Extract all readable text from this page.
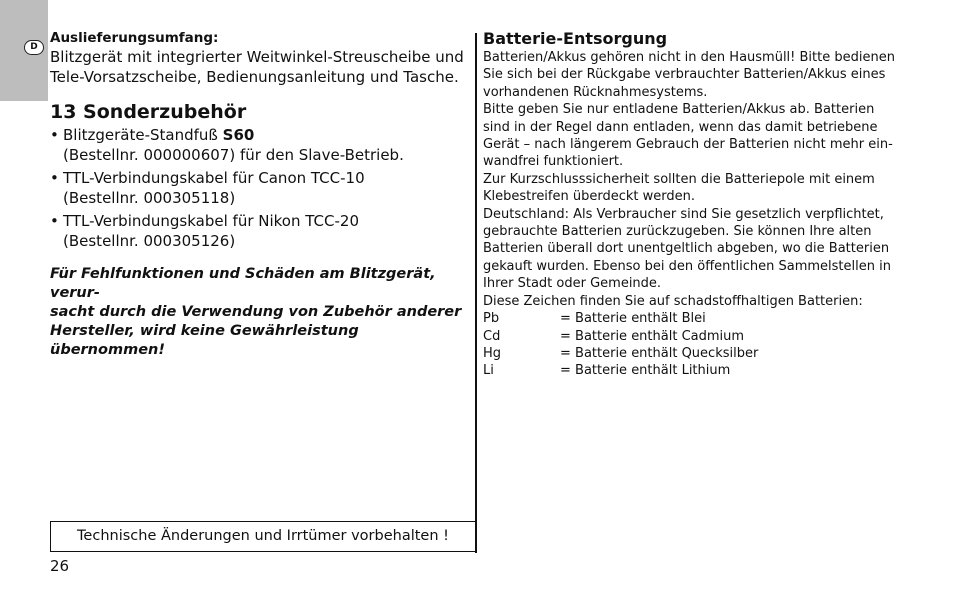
D
Auslieferungsumfang:
Blitzgerät mit integrierter Weitwinkel-Streuscheibe und
Tele-Vorsatzscheibe, Bedienungsanleitung und Tasche.
13 Sonderzubehör
• Blitzgeräte-Standfuß S60
(Bestellnr. 000000607) für den Slave-Betrieb.
• TTL-Verbindungskabel für Canon TCC-10
(Bestellnr. 000305118)
• TTL-Verbindungskabel für Nikon TCC-20
(Bestellnr. 000305126)
Für Fehlfunktionen und Schäden am Blitzgerät, verur-
sacht durch die Verwendung von Zubehör anderer
Hersteller, wird keine Gewährleistung übernommen!
Technische Änderungen und Irrtümer vorbehalten !
26
Batterie-Entsorgung
Batterien/Akkus gehören nicht in den Hausmüll! Bitte bedienen
Sie sich bei der Rückgabe verbrauchter Batterien/Akkus eines
vorhandenen Rücknahmesystems.
Bitte geben Sie nur entladene Batterien/Akkus ab. Batterien
sind in der Regel dann entladen, wenn das damit betriebene
Gerät – nach längerem Gebrauch der Batterien nicht mehr ein-
wandfrei funktioniert.
Zur Kurzschlusssicherheit sollten die Batteriepole mit einem
Klebestreifen überdeckt werden.
Deutschland: Als Verbraucher sind Sie gesetzlich verpflichtet,
gebrauchte Batterien zurückzugeben. Sie können Ihre alten
Batterien überall dort unentgeltlich abgeben, wo die Batterien
gekauft wurden. Ebenso bei den öffentlichen Sammelstellen in
Ihrer Stadt oder Gemeinde.
Diese Zeichen finden Sie auf schadstoffhaltigen Batterien:
Pb	= Batterie enthält Blei
Cd	= Batterie enthält Cadmium
Hg	= Batterie enthält Quecksilber
Li	= Batterie enthält Lithium
